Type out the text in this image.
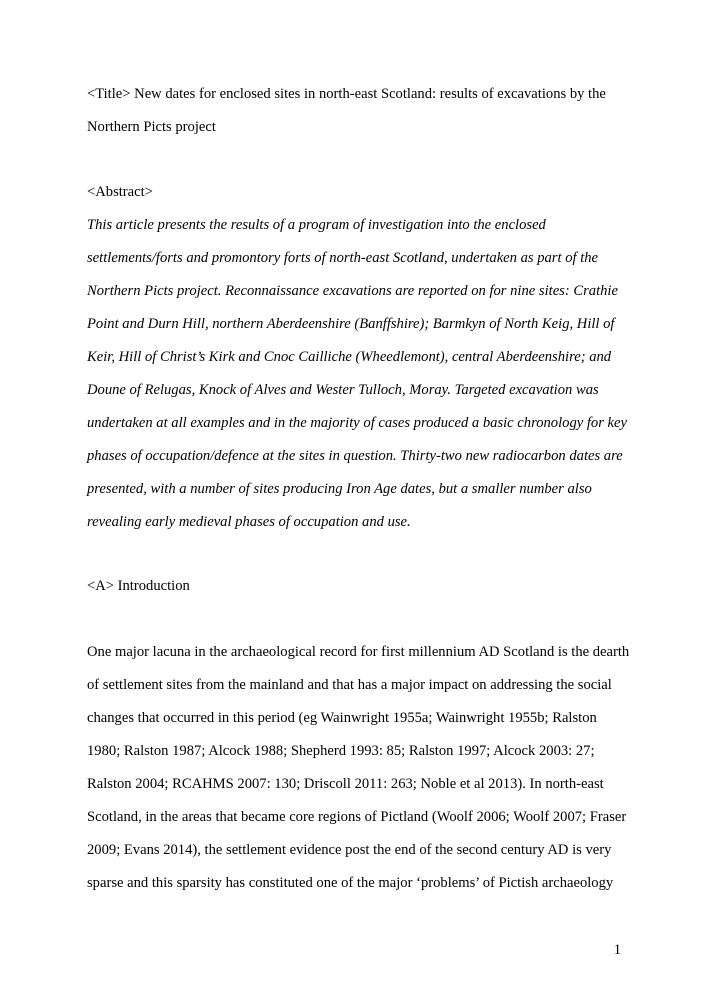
<Title> New dates for enclosed sites in north-east Scotland: results of excavations by the
Northern Picts project
<Abstract>
This article presents the results of a program of investigation into the enclosed
settlements/forts and promontory forts of north-east Scotland, undertaken as part of the
Northern Picts project. Reconnaissance excavations are reported on for nine sites: Crathie
Point and Durn Hill, northern Aberdeenshire (Banffshire); Barmkyn of North Keig, Hill of
Keir, Hill of Christ’s Kirk and Cnoc Cailliche (Wheedlemont), central Aberdeenshire; and
Doune of Relugas, Knock of Alves and Wester Tulloch, Moray. Targeted excavation was
undertaken at all examples and in the majority of cases produced a basic chronology for key
phases of occupation/defence at the sites in question. Thirty-two new radiocarbon dates are
presented, with a number of sites producing Iron Age dates, but a smaller number also
revealing early medieval phases of occupation and use.
<A> Introduction
One major lacuna in the archaeological record for first millennium AD Scotland is the dearth
of settlement sites from the mainland and that has a major impact on addressing the social
changes that occurred in this period (eg Wainwright 1955a; Wainwright 1955b; Ralston
1980; Ralston 1987; Alcock 1988; Shepherd 1993: 85; Ralston 1997; Alcock 2003: 27;
Ralston 2004; RCAHMS 2007: 130; Driscoll 2011: 263; Noble et al 2013). In north-east
Scotland, in the areas that became core regions of Pictland (Woolf 2006; Woolf 2007; Fraser
2009; Evans 2014), the settlement evidence post the end of the second century AD is very
sparse and this sparsity has constituted one of the major ‘problems’ of Pictish archaeology
1
